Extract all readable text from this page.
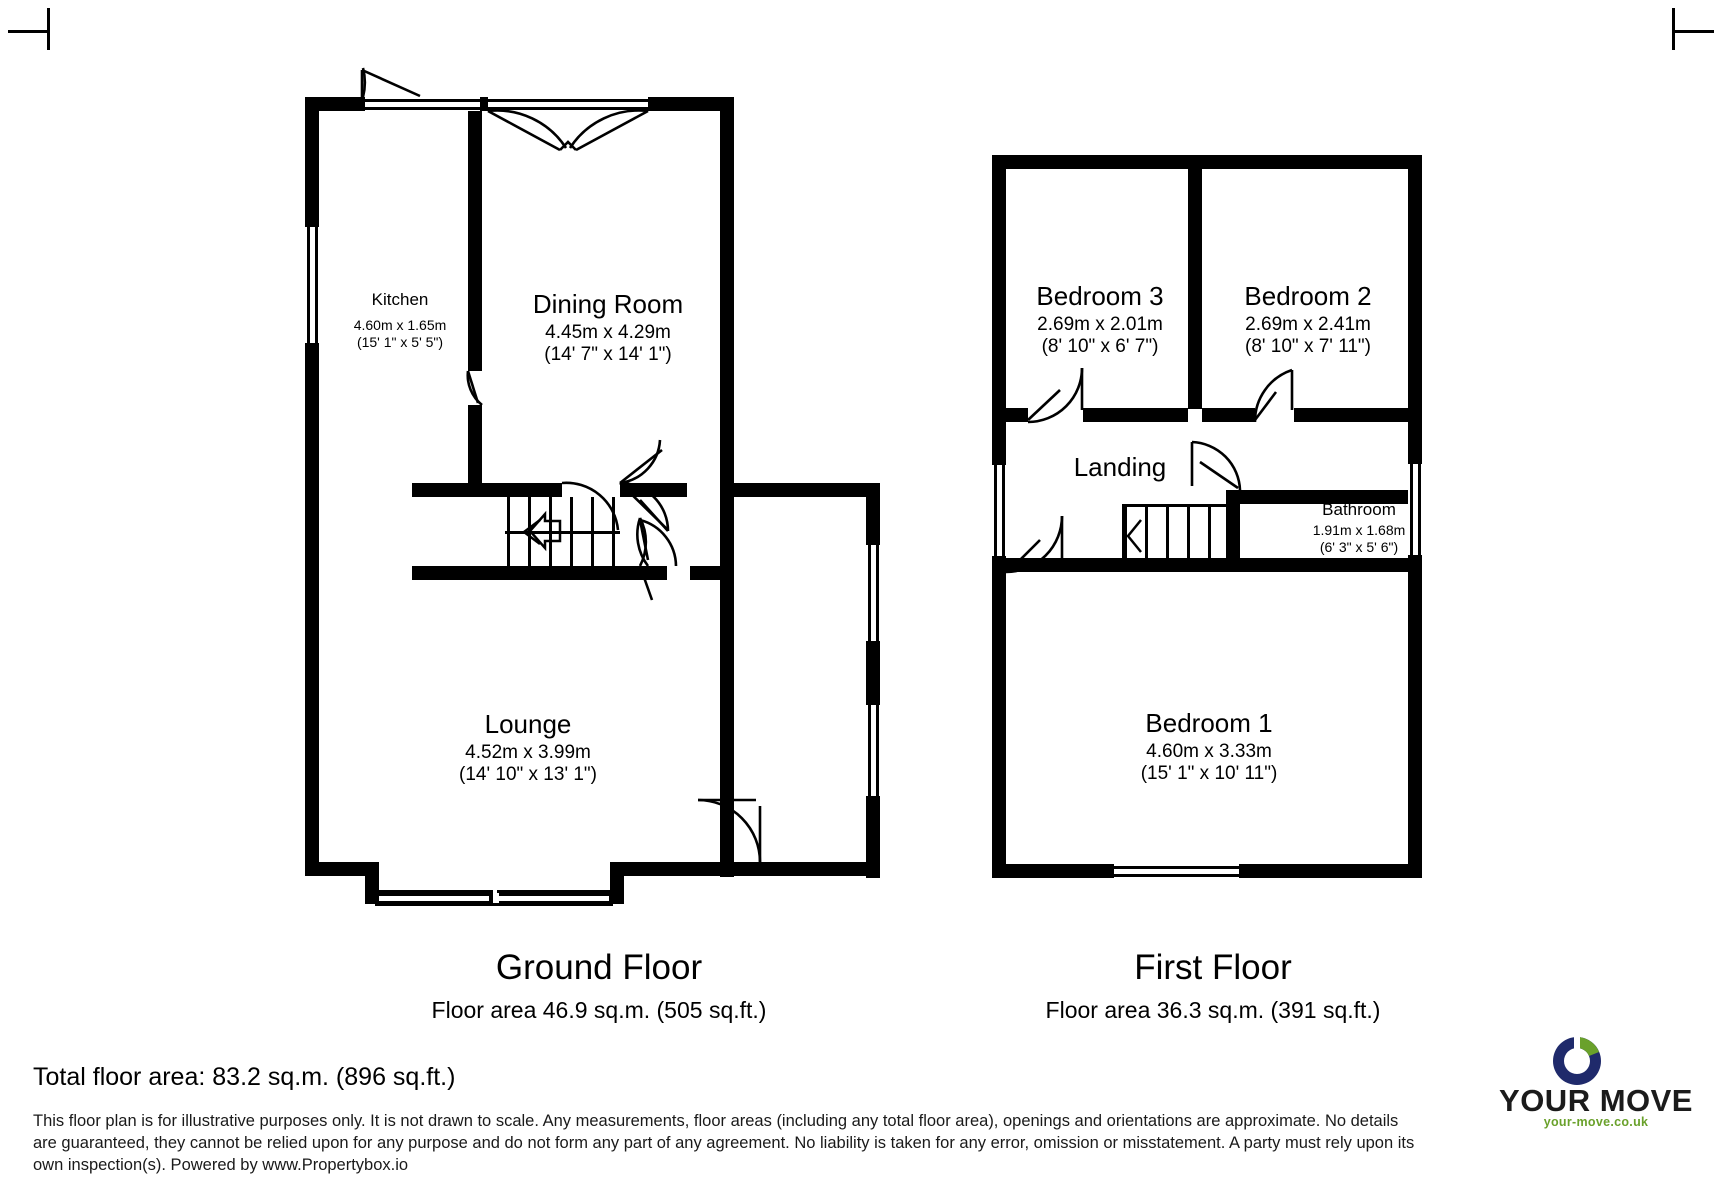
Kitchen
4.60m x 1.65m
(15' 1" x 5' 5")
Dining Room
4.45m x 4.29m
(14' 7" x 14' 1")
Lounge
4.52m x 3.99m
(14' 10" x 13' 1")
Bedroom 3
2.69m x 2.01m
(8' 10" x 6' 7")
Bedroom 2
2.69m x 2.41m
(8' 10" x 7' 11")
Landing
Bathroom
1.91m x 1.68m
(6' 3" x 5' 6")
Bedroom 1
4.60m x 3.33m
(15' 1" x 10' 11")
Ground Floor
Floor area 46.9 sq.m. (505 sq.ft.)
First Floor
Floor area 36.3 sq.m. (391 sq.ft.)
Total floor area: 83.2 sq.m. (896 sq.ft.)
This floor plan is for illustrative purposes only. It is not drawn to scale. Any measurements, floor areas (including any total floor area), openings and orientations are approximate. No details are guaranteed, they cannot be relied upon for any purpose and do not form any part of any agreement. No liability is taken for any error, omission or misstatement. A party must rely upon its own inspection(s). Powered by www.Propertybox.io
YOUR MOVE
your-move.co.uk
